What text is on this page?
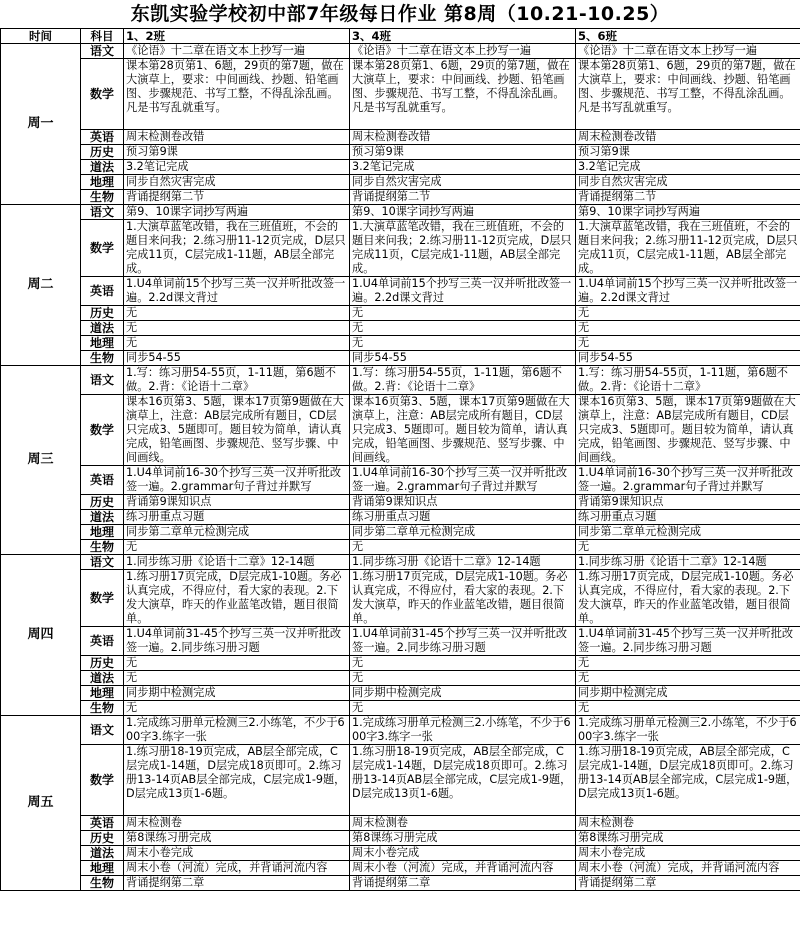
东凯实验学校初中部7年级每日作业 第8周（10.21-10.25）
时间	科目	1、2班	3、4班	5、6班
周一	语文	《论语》十二章在语文本上抄写一遍	《论语》十二章在语文本上抄写一遍	《论语》十二章在语文本上抄写一遍
	数学	课本第28页第1、6题，29页的第7题，做在大演草上，要求：中间画线、抄题、铅笔画图、步骤规范、书写工整，不得乱涂乱画。凡是书写乱就重写。	课本第28页第1、6题，29页的第7题，做在大演草上，要求：中间画线、抄题、铅笔画图、步骤规范、书写工整，不得乱涂乱画。凡是书写乱就重写。	课本第28页第1、6题，29页的第7题，做在大演草上，要求：中间画线、抄题、铅笔画图、步骤规范、书写工整，不得乱涂乱画。凡是书写乱就重写。
	英语	周末检测卷改错	周末检测卷改错	周末检测卷改错
	历史	预习第9课	预习第9课	预习第9课
	道法	3.2笔记完成	3.2笔记完成	3.2笔记完成
	地理	同步自然灾害完成	同步自然灾害完成	同步自然灾害完成
	生物	背诵提纲第二节	背诵提纲第二节	背诵提纲第二节
周二	语文	第9、10课字词抄写两遍	第9、10课字词抄写两遍	第9、10课字词抄写两遍
	数学	1.大演草蓝笔改错，我在三班值班，不会的题目来问我；2.练习册11-12页完成，D层只完成11页，C层完成1-11题，AB层全部完成。	1.大演草蓝笔改错，我在三班值班，不会的题目来问我；2.练习册11-12页完成，D层只完成11页，C层完成1-11题，AB层全部完成。	1.大演草蓝笔改错，我在三班值班，不会的题目来问我；2.练习册11-12页完成，D层只完成11页，C层完成1-11题，AB层全部完成。
	英语	1.U4单词前15个抄写三英一汉并听批改签一遍。2.2d课文背过	1.U4单词前15个抄写三英一汉并听批改签一遍。2.2d课文背过	1.U4单词前15个抄写三英一汉并听批改签一遍。2.2d课文背过
	历史	无	无	无
	道法	无	无	无
	地理	无	无	无
	生物	同步54-55	同步54-55	同步54-55
周三	语文	1.写：练习册54-55页，1-11题，第6题不做。2.背：《论语十二章》	1.写：练习册54-55页，1-11题，第6题不做。2.背：《论语十二章》	1.写：练习册54-55页，1-11题，第6题不做。2.背：《论语十二章》
	数学	课本16页第3、5题，课本17页第9题做在大演草上，注意：AB层完成所有题目，CD层只完成3、5题即可。题目较为简单，请认真完成，铅笔画图、步骤规范、竖写步骤、中间画线。	课本16页第3、5题，课本17页第9题做在大演草上，注意：AB层完成所有题目，CD层只完成3、5题即可。题目较为简单，请认真完成，铅笔画图、步骤规范、竖写步骤、中间画线。	课本16页第3、5题，课本17页第9题做在大演草上，注意：AB层完成所有题目，CD层只完成3、5题即可。题目较为简单，请认真完成，铅笔画图、步骤规范、竖写步骤、中间画线。
	英语	1.U4单词前16-30个抄写三英一汉并听批改签一遍。2.grammar句子背过并默写	1.U4单词前16-30个抄写三英一汉并听批改签一遍。2.grammar句子背过并默写	1.U4单词前16-30个抄写三英一汉并听批改签一遍。2.grammar句子背过并默写
	历史	背诵第9课知识点	背诵第9课知识点	背诵第9课知识点
	道法	练习册重点习题	练习册重点习题	练习册重点习题
	地理	同步第二章单元检测完成	同步第二章单元检测完成	同步第二章单元检测完成
	生物	无	无	无
周四	语文	1.同步练习册《论语十二章》12-14题	1.同步练习册《论语十二章》12-14题	1.同步练习册《论语十二章》12-14题
	数学	1.练习册17页完成，D层完成1-10题。务必认真完成，不得应付，看大家的表现。2.下发大演草，昨天的作业蓝笔改错，题目很简单。	1.练习册17页完成，D层完成1-10题。务必认真完成，不得应付，看大家的表现。2.下发大演草，昨天的作业蓝笔改错，题目很简单。	1.练习册17页完成，D层完成1-10题。务必认真完成，不得应付，看大家的表现。2.下发大演草，昨天的作业蓝笔改错，题目很简单。
	英语	1.U4单词前31-45个抄写三英一汉并听批改签一遍。2.同步练习册习题	1.U4单词前31-45个抄写三英一汉并听批改签一遍。2.同步练习册习题	1.U4单词前31-45个抄写三英一汉并听批改签一遍。2.同步练习册习题
	历史	无	无	无
	道法	无	无	无
	地理	同步期中检测完成	同步期中检测完成	同步期中检测完成
	生物	无	无	无
周五	语文	1.完成练习册单元检测三2.小练笔，不少于600字3.练字一张	1.完成练习册单元检测三2.小练笔，不少于600字3.练字一张	1.完成练习册单元检测三2.小练笔，不少于600字3.练字一张
	数学	1.练习册18-19页完成，AB层全部完成，C层完成1-14题，D层完成18页即可。2.练习册13-14页AB层全部完成，C层完成1-9题，D层完成13页1-6题。	1.练习册18-19页完成，AB层全部完成，C层完成1-14题，D层完成18页即可。2.练习册13-14页AB层全部完成，C层完成1-9题，D层完成13页1-6题。	1.练习册18-19页完成，AB层全部完成，C层完成1-14题，D层完成18页即可。2.练习册13-14页AB层全部完成，C层完成1-9题，D层完成13页1-6题。
	英语	周末检测卷	周末检测卷	周末检测卷
	历史	第8课练习册完成	第8课练习册完成	第8课练习册完成
	道法	周末小卷完成	周末小卷完成	周末小卷完成
	地理	周末小卷（河流）完成，并背诵河流内容	周末小卷（河流）完成，并背诵河流内容	周末小卷（河流）完成，并背诵河流内容
	生物	背诵提纲第二章	背诵提纲第二章	背诵提纲第二章
